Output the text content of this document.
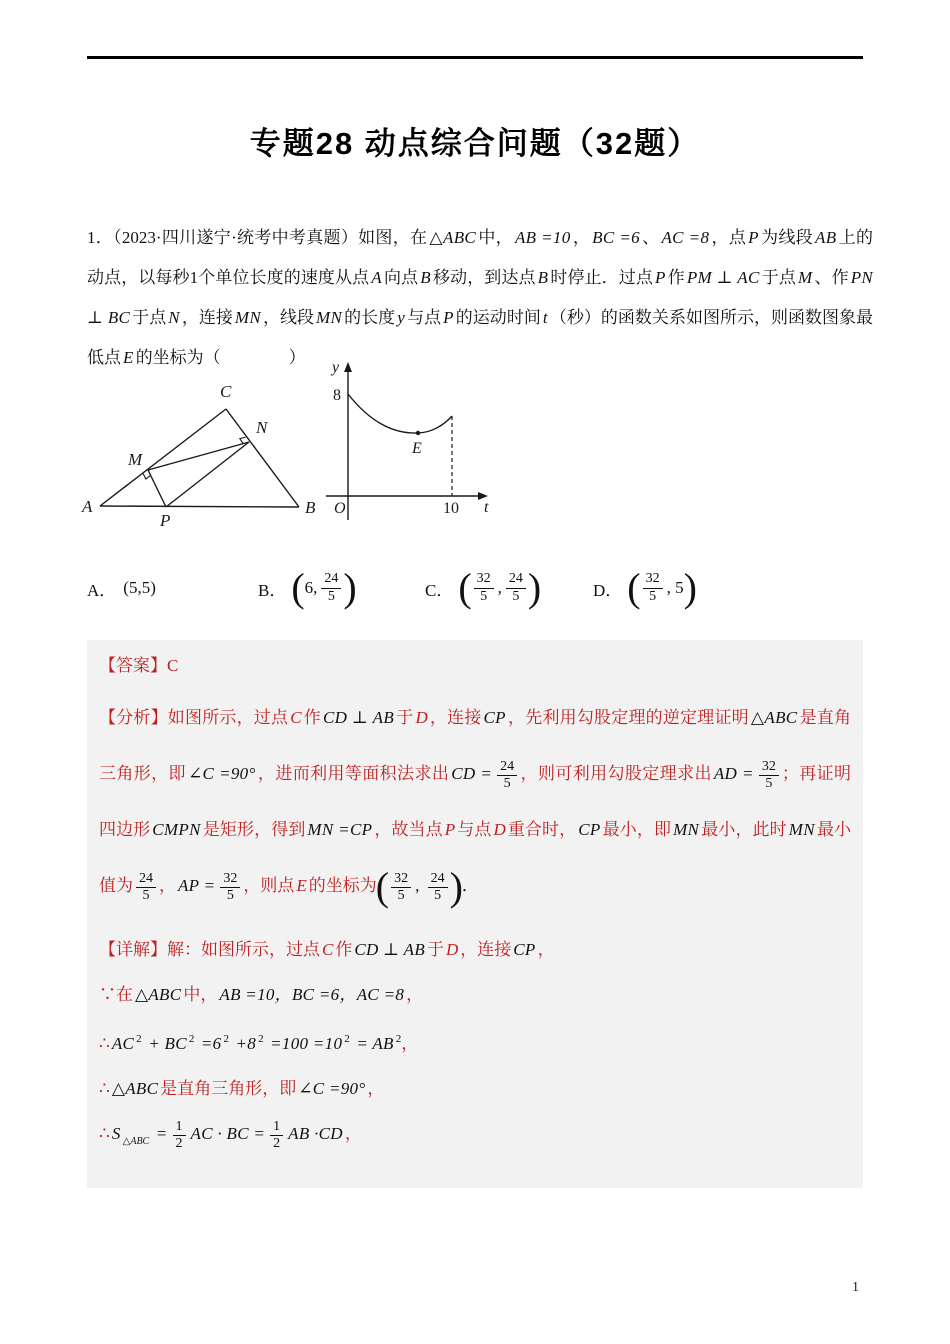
专题28 动点综合问题（32题）

1．（2023·四川遂宁·统考中考真题）如图，在 △ABC 中， AB =10 ， BC =6 、 AC =8 ，点 P 为线段 AB 上的动点，以每秒1个单位长度的速度从点 A 向点 B 移动，到达点 B 时停止．过点 P 作 PM ⊥ AC 于点 M 、作 PN ⊥ BC 于点 N ，连接 MN ，线段 MN 的长度 y 与点 P 的运动时间 t （秒）的函数关系如图所示，则函数图象最低点 E 的坐标为（　　　　）

A	B
C
M
N
P
y
t
8
O	10
E
A． (5,5)	B． ( 6, $\frac{24}{5}$ )	C． ( $\frac{32}{5}$ , $\frac{24}{5}$ )	D． ( $\frac{32}{5}$ , 5 )

【答案】C

【分析】如图所示，过点 C 作 CD ⊥ AB 于 D ，连接 CP ，先利用勾股定理的逆定理证明 △ABC 是直角三角形，即 ∠C =90° ，进而利用等面积法求出 CD = $\frac{24}{5}$ ，则可利用勾股定理求出 AD = $\frac{32}{5}$ ；再证明四边形 CMPN 是矩形，得到 MN =CP ，故当点 P 与点 D 重合时， CP 最小，即 MN 最小，此时 MN 最小值为 $\frac{24}{5}$ ， AP = $\frac{32}{5}$ ，则点 E 的坐标为( $\frac{32}{5}$ , $\frac{24}{5}$ )．

【详解】解：如图所示，过点 C 作 CD ⊥ AB 于 D ，连接 CP ，

∵在 △ABC 中， AB =10，BC =6，AC =8 ，

∴ AC $^2$ + BC $^2$ =6 $^2$ +8 $^2$ =100 =10 $^2$ = AB $^2$，

∴ △ABC 是直角三角形，即 ∠C =90° ，

∴ S $_{\triangle ABC} = \frac{1}{2}$ AC · BC = $\frac{1}{2}$ AB ·CD ，

1
